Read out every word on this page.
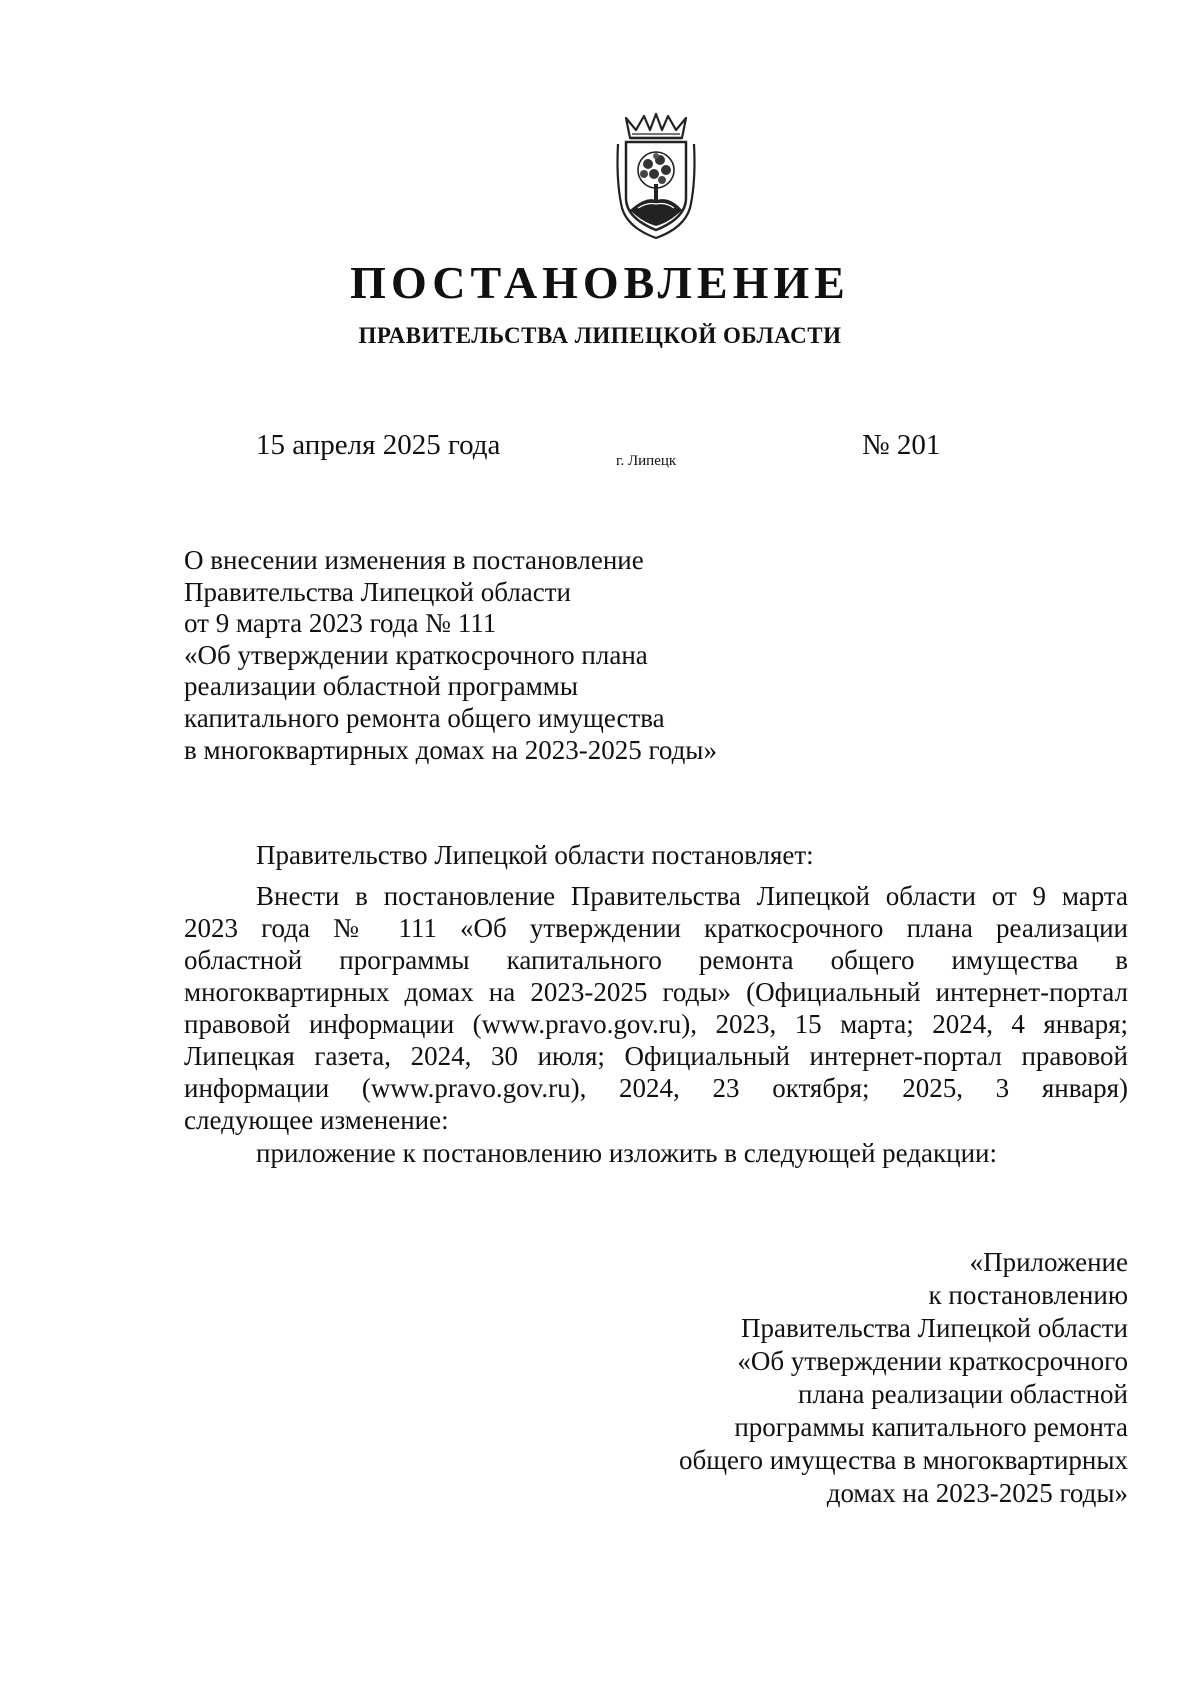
ПОСТАНОВЛЕНИЕ
ПРАВИТЕЛЬСТВА ЛИПЕЦКОЙ ОБЛАСТИ
15 апреля 2025 года	г. Липецк	№ 201
О внесении изменения в постановление
Правительства Липецкой области
от 9 марта 2023 года № 111
«Об утверждении краткосрочного плана
реализации областной программы
капитального ремонта общего имущества
в многоквартирных домах на 2023-2025 годы»
Правительство Липецкой области постановляет:
Внести в постановление Правительства Липецкой области от 9 марта
2023 года № 111 «Об утверждении краткосрочного плана реализации
областной программы капитального ремонта общего имущества в
многоквартирных домах на 2023-2025 годы» (Официальный интернет-портал
правовой информации (www.pravo.gov.ru), 2023, 15 марта; 2024, 4 января;
Липецкая газета, 2024, 30 июля; Официальный интернет-портал правовой
информации (www.pravo.gov.ru), 2024, 23 октября; 2025, 3 января)
следующее изменение:
приложение к постановлению изложить в следующей редакции:
«Приложение
к постановлению
Правительства Липецкой области
«Об утверждении краткосрочного
плана реализации областной
программы капитального ремонта
общего имущества в многоквартирных
домах на 2023-2025 годы»
